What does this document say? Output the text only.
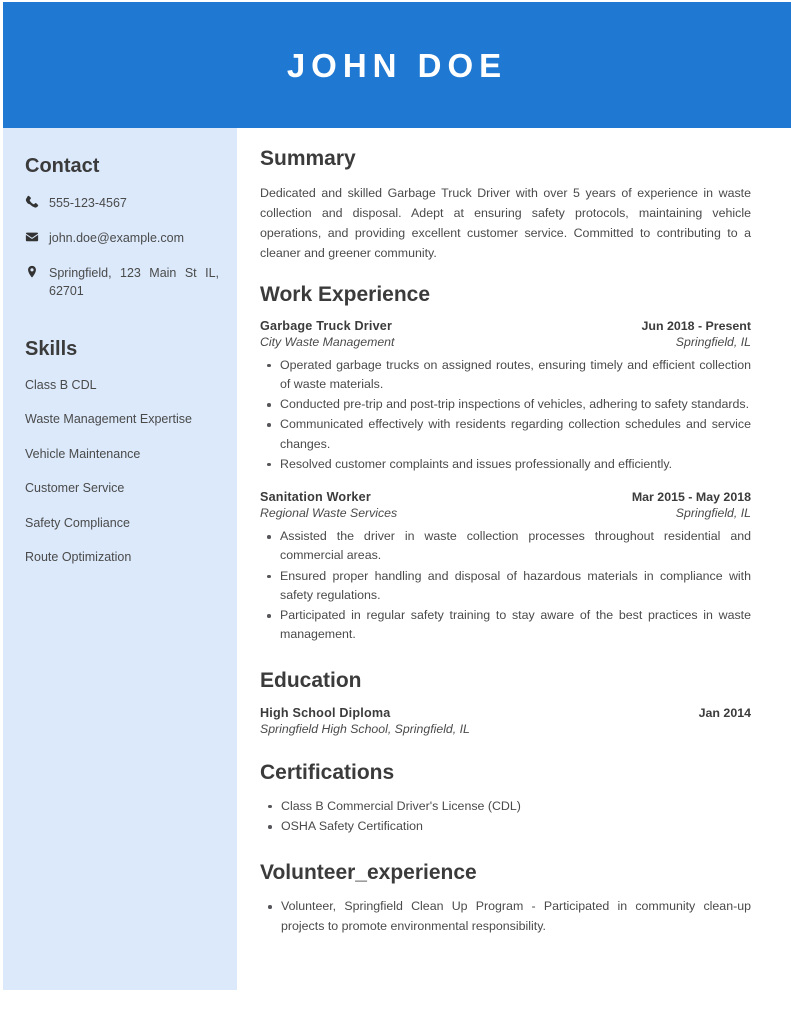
JOHN DOE
Contact
555-123-4567
john.doe@example.com
Springfield, 123 Main St IL, 62701
Skills
Class B CDL
Waste Management Expertise
Vehicle Maintenance
Customer Service
Safety Compliance
Route Optimization
Summary

Dedicated and skilled Garbage Truck Driver with over 5 years of experience in waste collection and disposal. Adept at ensuring safety protocols, maintaining vehicle operations, and providing excellent customer service. Committed to contributing to a cleaner and greener community.

Work Experience
Garbage Truck Driver	Jun 2018 - Present
City Waste Management	Springfield, IL
Operated garbage trucks on assigned routes, ensuring timely and efficient collection of waste materials.
Conducted pre-trip and post-trip inspections of vehicles, adhering to safety standards.
Communicated effectively with residents regarding collection schedules and service changes.
Resolved customer complaints and issues professionally and efficiently.
Sanitation Worker	Mar 2015 - May 2018
Regional Waste Services	Springfield, IL
Assisted the driver in waste collection processes throughout residential and commercial areas.
Ensured proper handling and disposal of hazardous materials in compliance with safety regulations.
Participated in regular safety training to stay aware of the best practices in waste management.
Education
High School Diploma	Jan 2014
Springfield High School, Springfield, IL
Certifications
Class B Commercial Driver's License (CDL)
OSHA Safety Certification
Volunteer_experience
Volunteer, Springfield Clean Up Program - Participated in community clean-up projects to promote environmental responsibility.
